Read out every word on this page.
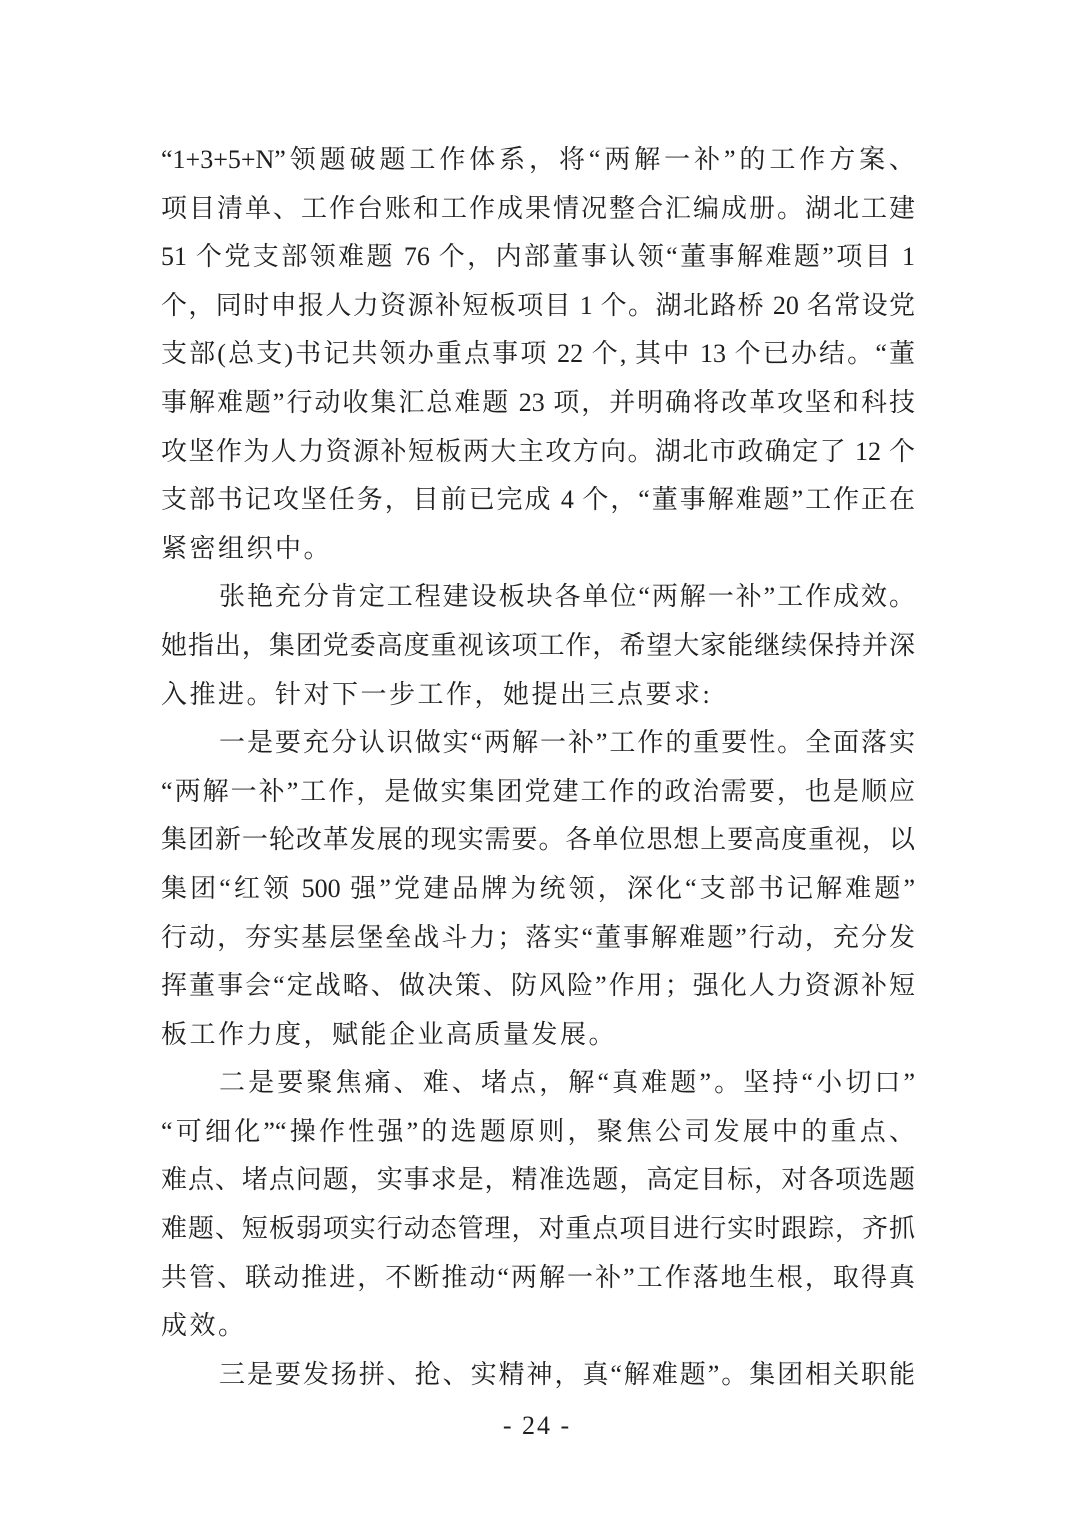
“1+3+5+N”领题破题工作体系，将“两解一补”的工作方案、
项目清单、工作台账和工作成果情况整合汇编成册。湖北工建
51 个党支部领难题 76 个，内部董事认领“董事解难题”项目 1
个，同时申报人力资源补短板项目 1 个。湖北路桥 20 名常设党
支部(总支)书记共领办重点事项 22 个, 其中 13 个已办结。“董
事解难题”行动收集汇总难题 23 项，并明确将改革攻坚和科技
攻坚作为人力资源补短板两大主攻方向。湖北市政确定了 12 个
支部书记攻坚任务，目前已完成 4 个，“董事解难题”工作正在
紧密组织中。
张艳充分肯定工程建设板块各单位“两解一补”工作成效。
她指出，集团党委高度重视该项工作，希望大家能继续保持并深
入推进。针对下一步工作，她提出三点要求:
一是要充分认识做实“两解一补”工作的重要性。全面落实
“两解一补”工作，是做实集团党建工作的政治需要，也是顺应
集团新一轮改革发展的现实需要。各单位思想上要高度重视，以
集团“红领 500 强”党建品牌为统领，深化“支部书记解难题”
行动，夯实基层堡垒战斗力；落实“董事解难题”行动，充分发
挥董事会“定战略、做决策、防风险”作用；强化人力资源补短
板工作力度，赋能企业高质量发展。
二是要聚焦痛、难、堵点，解“真难题”。坚持“小切口”
“可细化”“操作性强”的选题原则，聚焦公司发展中的重点、
难点、堵点问题，实事求是，精准选题，高定目标，对各项选题
难题、短板弱项实行动态管理，对重点项目进行实时跟踪，齐抓
共管、联动推进，不断推动“两解一补”工作落地生根，取得真
成效。
三是要发扬拼、抢、实精神，真“解难题”。集团相关职能
- 24 -
